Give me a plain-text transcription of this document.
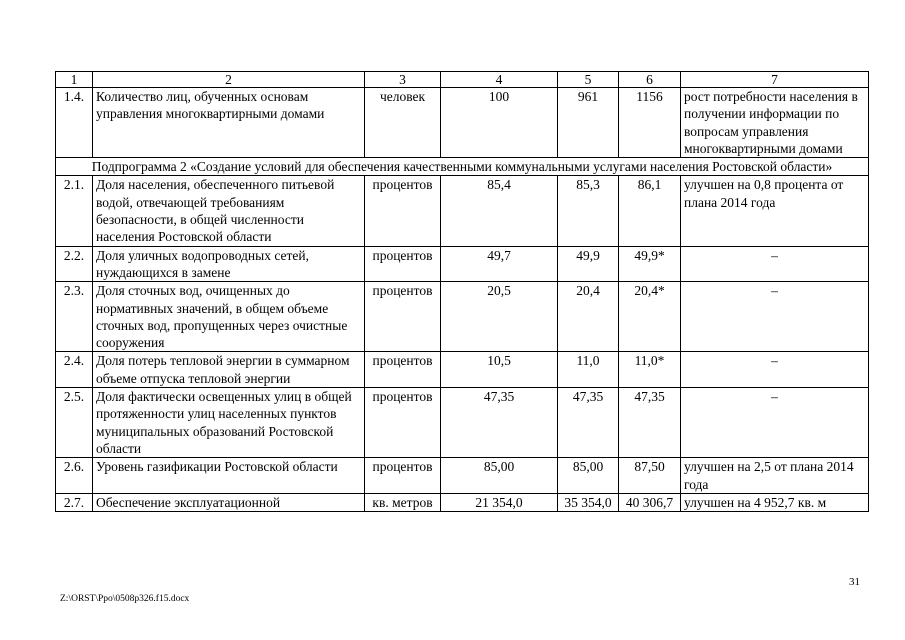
1	2	3	4	5	6	7
1.4.	Количество лиц, обученных основам управления многоквартирными домами	человек	100	961	1156	рост потребности населения в получении информации по вопросам управления многоквартирными домами
Подпрограмма 2 «Создание условий для обеспечения качественными коммунальными услугами населения Ростовской области»						
2.1.	Доля населения, обеспеченного питьевой водой, отвечающей требованиям безопасности, в общей численности населения Ростовской области	процентов	85,4	85,3	86,1	улучшен на 0,8 процента от плана 2014 года
2.2.	Доля уличных водопроводных сетей, нуждающихся в замене	процентов	49,7	49,9	49,9*	–
2.3.	Доля сточных вод, очищенных до нормативных значений, в общем объеме сточных вод, пропущенных через очистные сооружения	процентов	20,5	20,4	20,4*	–
2.4.	Доля потерь тепловой энергии в суммарном объеме отпуска тепловой энергии	процентов	10,5	11,0	11,0*	–
2.5.	Доля фактически освещенных улиц в общей протяженности улиц населенных пунктов муниципальных образований Ростовской области	процентов	47,35	47,35	47,35	–
2.6.	Уровень газификации Ростовской области	процентов	85,00	85,00	87,50	улучшен на 2,5 от плана 2014 года
2.7.	Обеспечение эксплуатационной	кв. метров	21 354,0	35 354,0	40 306,7	улучшен на 4 952,7 кв. м
31
Z:\ORST\Ppo\0508p326.f15.docx
